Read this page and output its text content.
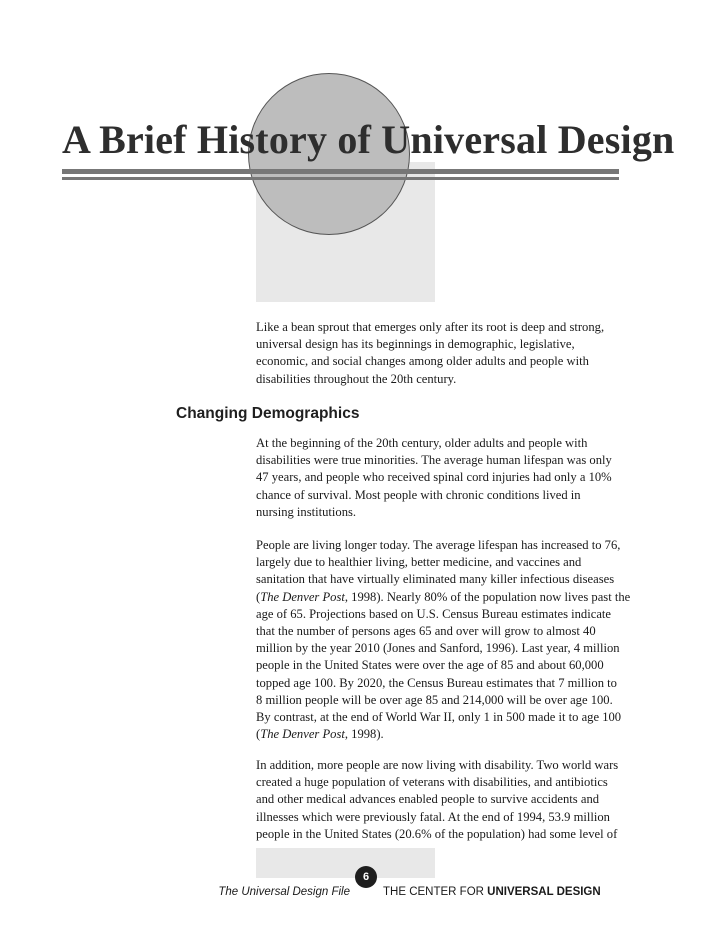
A Brief History of Universal Design

Like a bean sprout that emerges only after its root is deep and strong,
universal design has its beginnings in demographic, legislative,
economic, and social changes among older adults and people with
disabilities throughout the 20th century.

Changing Demographics

At the beginning of the 20th century, older adults and people with
disabilities were true minorities. The average human lifespan was only
47 years, and people who received spinal cord injuries had only a 10%
chance of survival. Most people with chronic conditions lived in
nursing institutions.

People are living longer today. The average lifespan has increased to 76,
largely due to healthier living, better medicine, and vaccines and
sanitation that have virtually eliminated many killer infectious diseases
(The Denver Post, 1998). Nearly 80% of the population now lives past the
age of 65. Projections based on U.S. Census Bureau estimates indicate
that the number of persons ages 65 and over will grow to almost 40
million by the year 2010 (Jones and Sanford, 1996). Last year, 4 million
people in the United States were over the age of 85 and about 60,000
topped age 100. By 2020, the Census Bureau estimates that 7 million to
8 million people will be over age 85 and 214,000 will be over age 100.
By contrast, at the end of World War II, only 1 in 500 made it to age 100
(The Denver Post, 1998).

In addition, more people are now living with disability. Two world wars
created a huge population of veterans with disabilities, and antibiotics
and other medical advances enabled people to survive accidents and
illnesses which were previously fatal. At the end of 1994, 53.9 million
people in the United States (20.6% of the population) had some level of

6
The Universal Design File	THE CENTER FOR UNIVERSAL DESIGN
